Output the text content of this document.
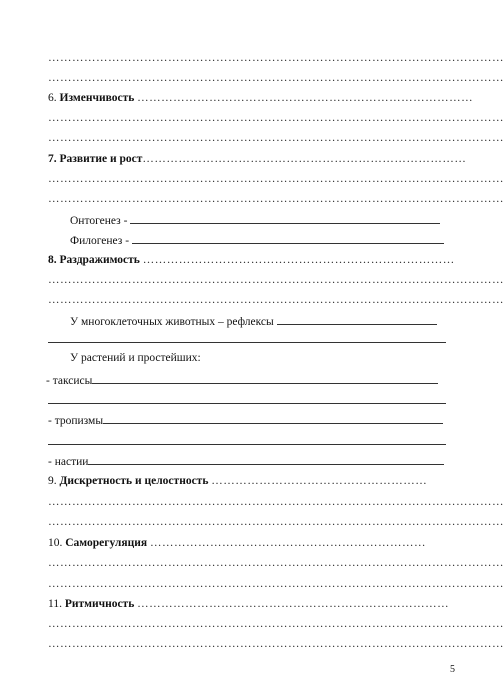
……………………………………………………………………………………………………
……………………………………………………………………………………………………
6. Изменчивость …………………………………………………………………………
……………………………………………………………………………………………………
……………………………………………………………………………………………………
7. Развитие и рост………………………………………………………………………
……………………………………………………………………………………………………
……………………………………………………………………………………………………
Онтогенез -
Филогенез -
8. Раздражимость ……………………………………………………………………
……………………………………………………………………………………………………
……………………………………………………………………………………………………
У многоклеточных животных – рефлексы
У растений и простейших:
- таксисы
- тропизмы
- настии
9. Дискретность и целостность ………………………………………………
……………………………………………………………………………………………………
……………………………………………………………………………………………………
10. Саморегуляция ……………………………………………………………
……………………………………………………………………………………………………
……………………………………………………………………………………………………
11. Ритмичность ……………………………………………………………………
……………………………………………………………………………………………………
……………………………………………………………………………………………………
5
